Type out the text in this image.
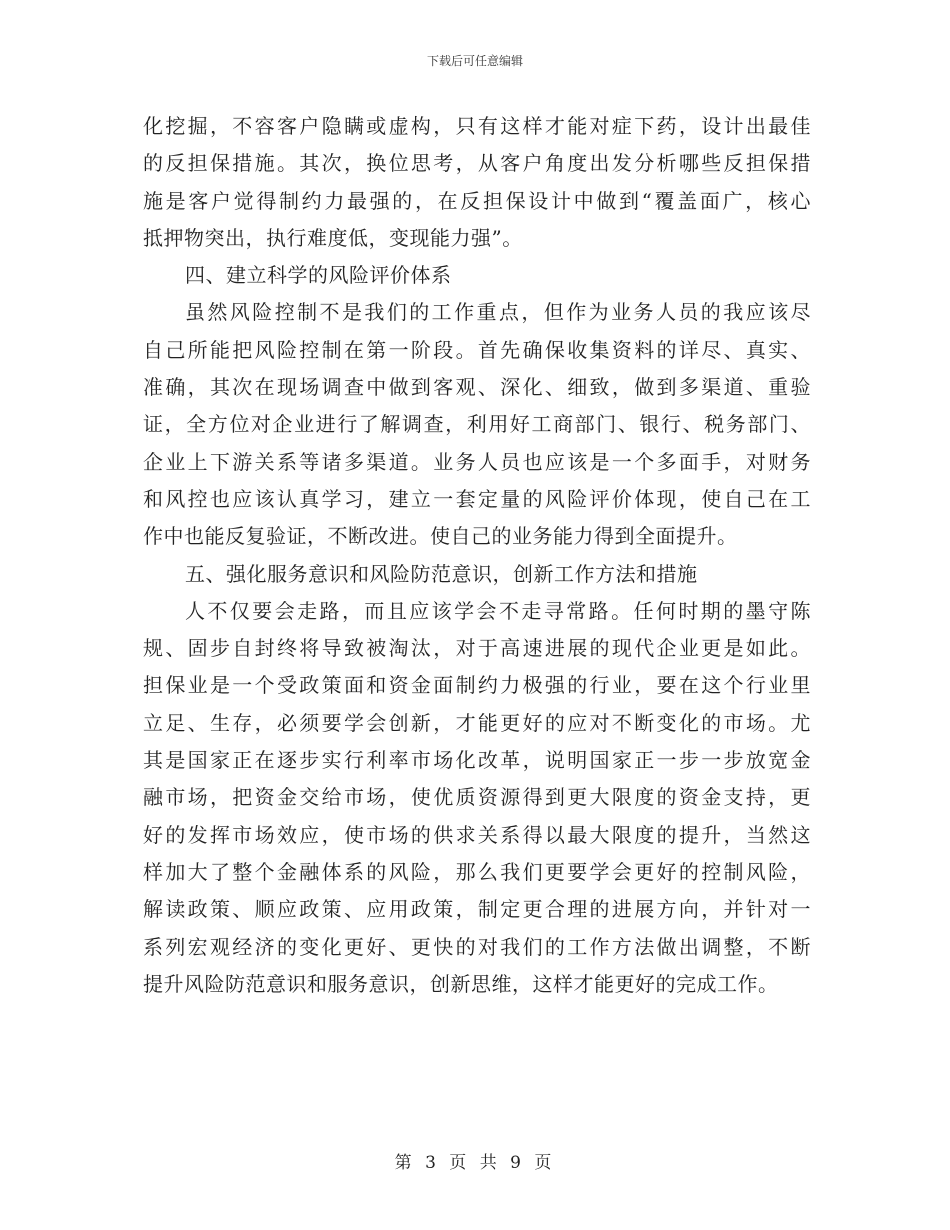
下载后可任意编辑
化挖掘，不容客户隐瞒或虚构，只有这样才能对症下药，设计出最佳
的反担保措施。其次，换位思考，从客户角度出发分析哪些反担保措
施是客户觉得制约力最强的，在反担保设计中做到“覆盖面广，核心
抵押物突出，执行难度低，变现能力强”。
四、建立科学的风险评价体系
虽然风险控制不是我们的工作重点，但作为业务人员的我应该尽
自己所能把风险控制在第一阶段。首先确保收集资料的详尽、真实、
准确，其次在现场调查中做到客观、深化、细致，做到多渠道、重验
证，全方位对企业进行了解调查，利用好工商部门、银行、税务部门、
企业上下游关系等诸多渠道。业务人员也应该是一个多面手，对财务
和风控也应该认真学习，建立一套定量的风险评价体现，使自己在工
作中也能反复验证，不断改进。使自己的业务能力得到全面提升。
五、强化服务意识和风险防范意识，创新工作方法和措施
人不仅要会走路，而且应该学会不走寻常路。任何时期的墨守陈
规、固步自封终将导致被淘汰，对于高速进展的现代企业更是如此。
担保业是一个受政策面和资金面制约力极强的行业，要在这个行业里
立足、生存，必须要学会创新，才能更好的应对不断变化的市场。尤
其是国家正在逐步实行利率市场化改革，说明国家正一步一步放宽金
融市场，把资金交给市场，使优质资源得到更大限度的资金支持，更
好的发挥市场效应，使市场的供求关系得以最大限度的提升，当然这
样加大了整个金融体系的风险，那么我们更要学会更好的控制风险，
解读政策、顺应政策、应用政策，制定更合理的进展方向，并针对一
系列宏观经济的变化更好、更快的对我们的工作方法做出调整，不断
提升风险防范意识和服务意识，创新思维，这样才能更好的完成工作。
第 3 页 共 9 页
